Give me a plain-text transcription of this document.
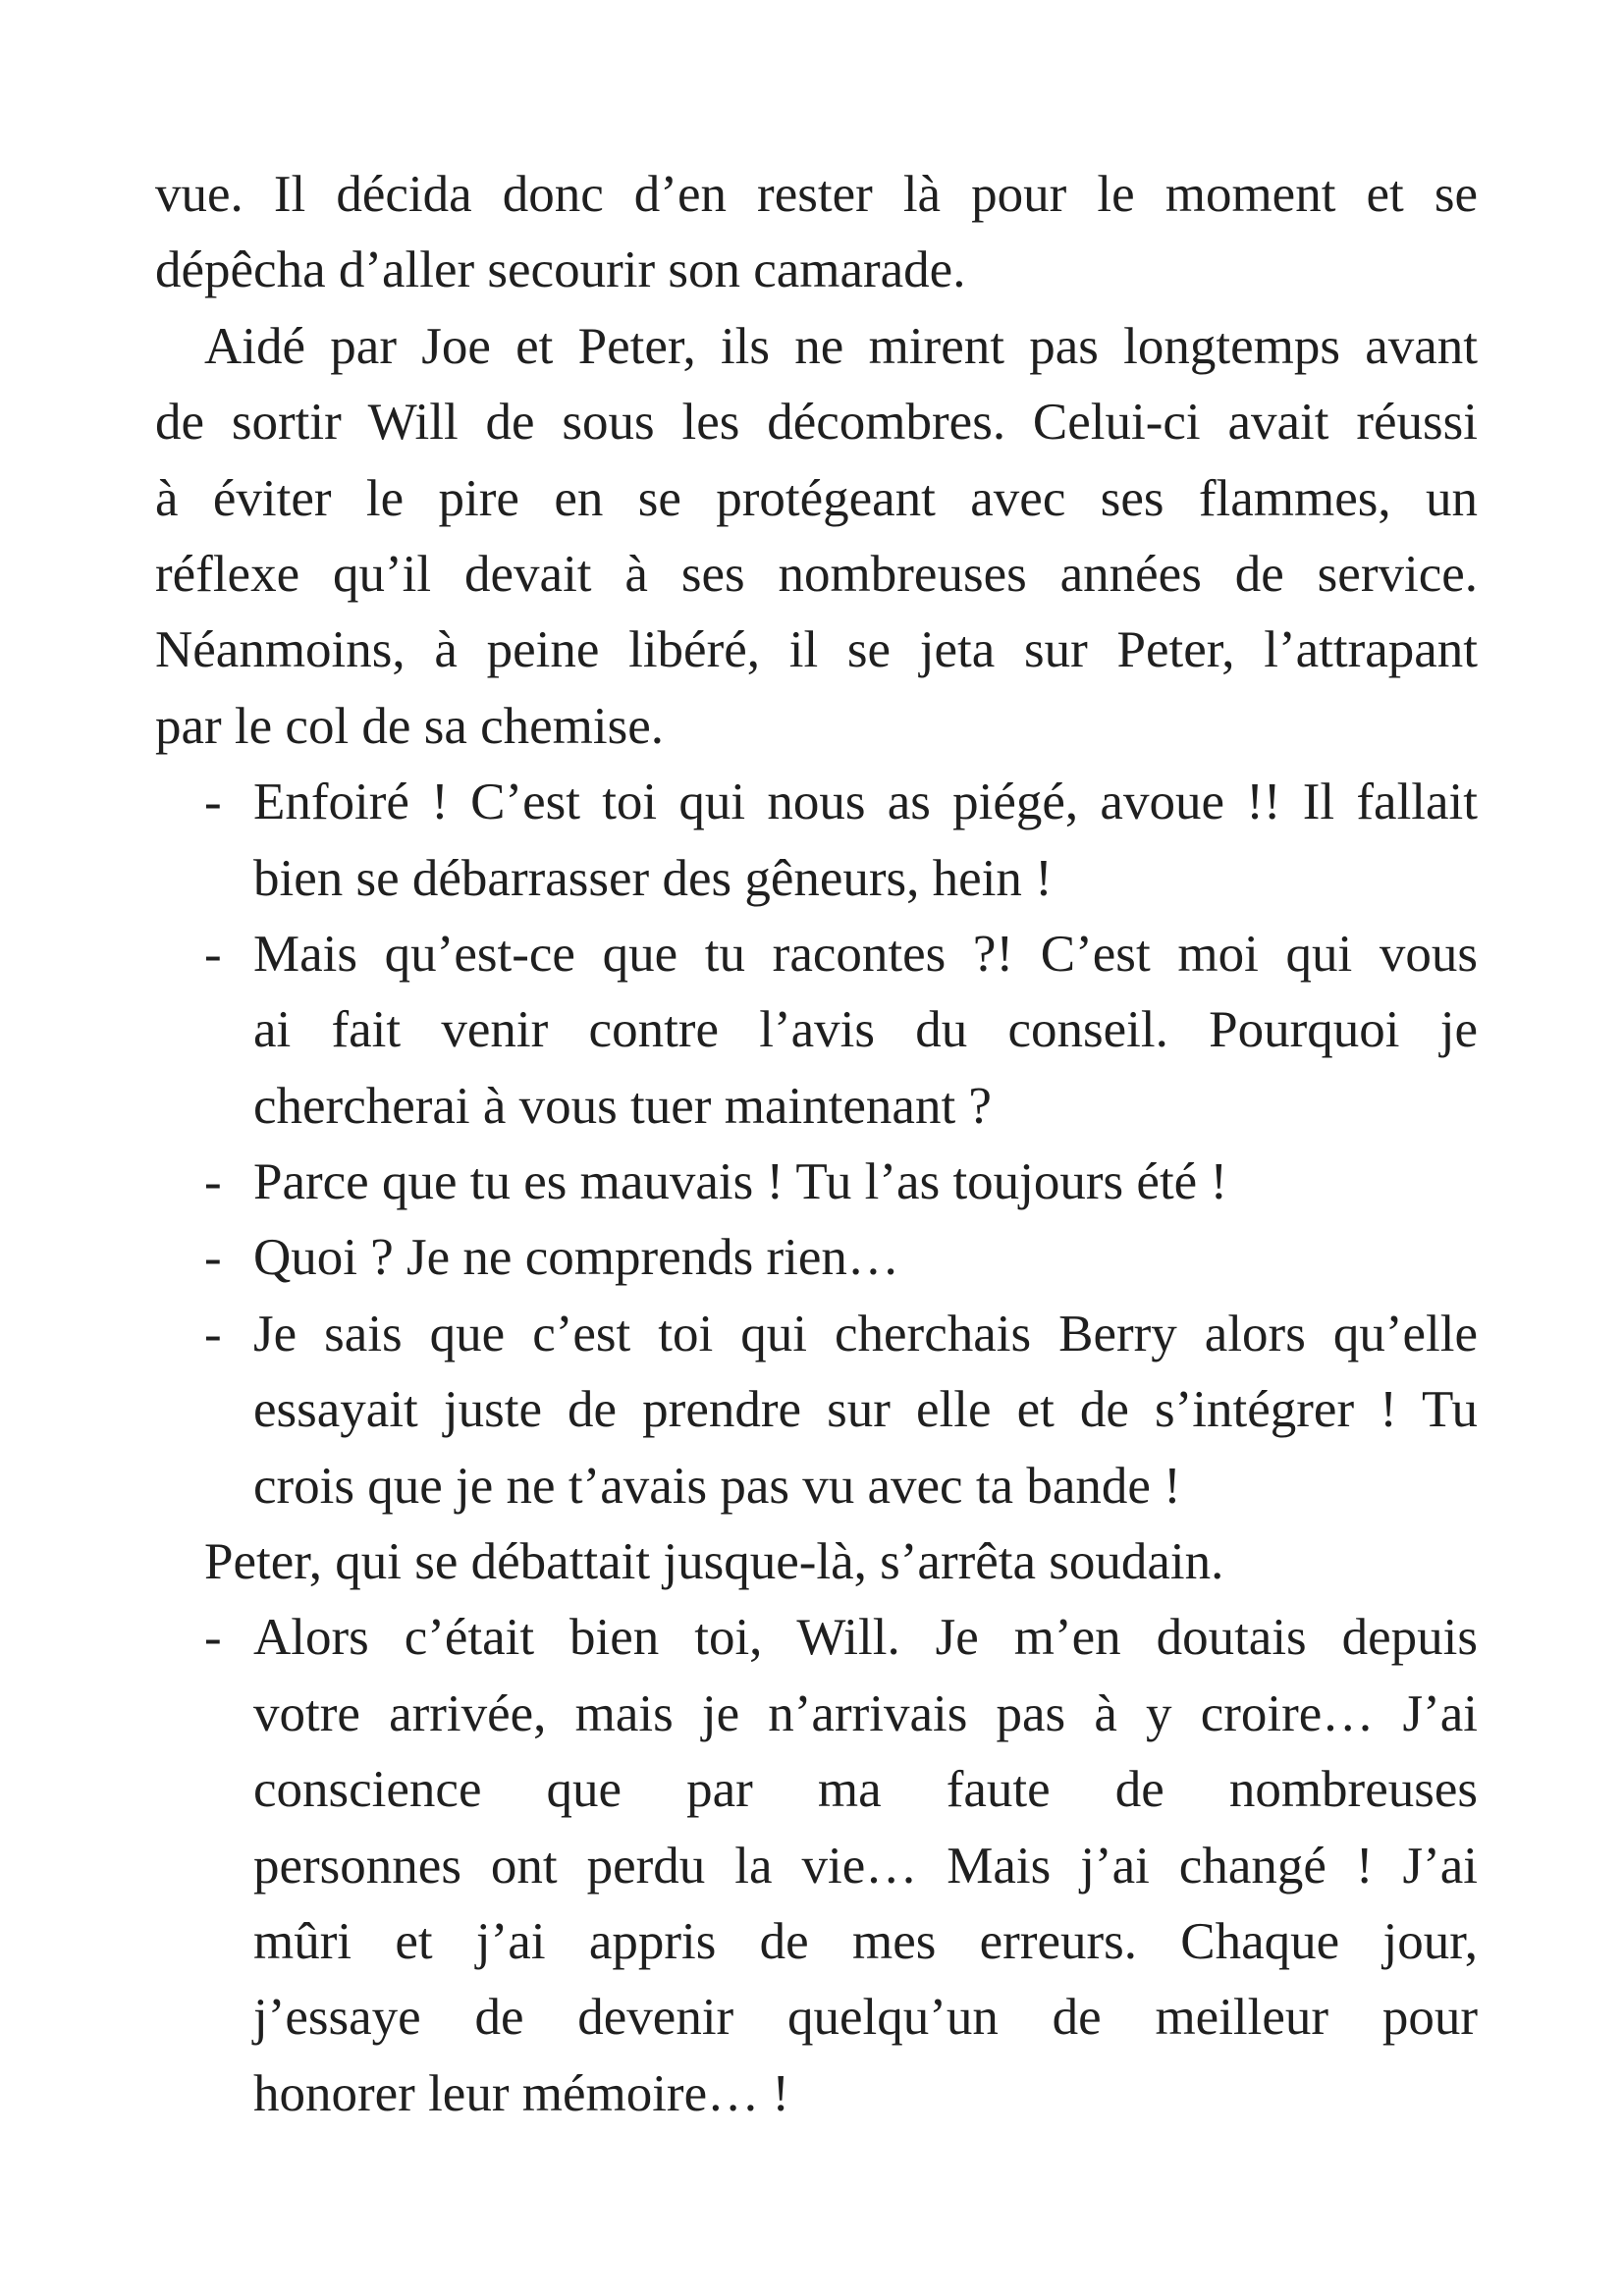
vue. Il décida donc d’en rester là pour le moment et se
dépêcha d’aller secourir son camarade.
Aidé par Joe et Peter, ils ne mirent pas longtemps avant
de sortir Will de sous les décombres. Celui-ci avait réussi
à éviter le pire en se protégeant avec ses flammes, un
réflexe qu’il devait à ses nombreuses années de service.
Néanmoins, à peine libéré, il se jeta sur Peter, l’attrapant
par le col de sa chemise.
- Enfoiré ! C’est toi qui nous as piégé, avoue !! Il fallait
bien se débarrasser des gêneurs, hein !
- Mais qu’est-ce que tu racontes ?! C’est moi qui vous
ai fait venir contre l’avis du conseil. Pourquoi je
chercherai à vous tuer maintenant ?
- Parce que tu es mauvais ! Tu l’as toujours été !
- Quoi ? Je ne comprends rien…
- Je sais que c’est toi qui cherchais Berry alors qu’elle
essayait juste de prendre sur elle et de s’intégrer ! Tu
crois que je ne t’avais pas vu avec ta bande !
Peter, qui se débattait jusque-là, s’arrêta soudain.
- Alors c’était bien toi, Will. Je m’en doutais depuis
votre arrivée, mais je n’arrivais pas à y croire… J’ai
conscience que par ma faute de nombreuses
personnes ont perdu la vie… Mais j’ai changé ! J’ai
mûri et j’ai appris de mes erreurs. Chaque jour,
j’essaye de devenir quelqu’un de meilleur pour
honorer leur mémoire… !
